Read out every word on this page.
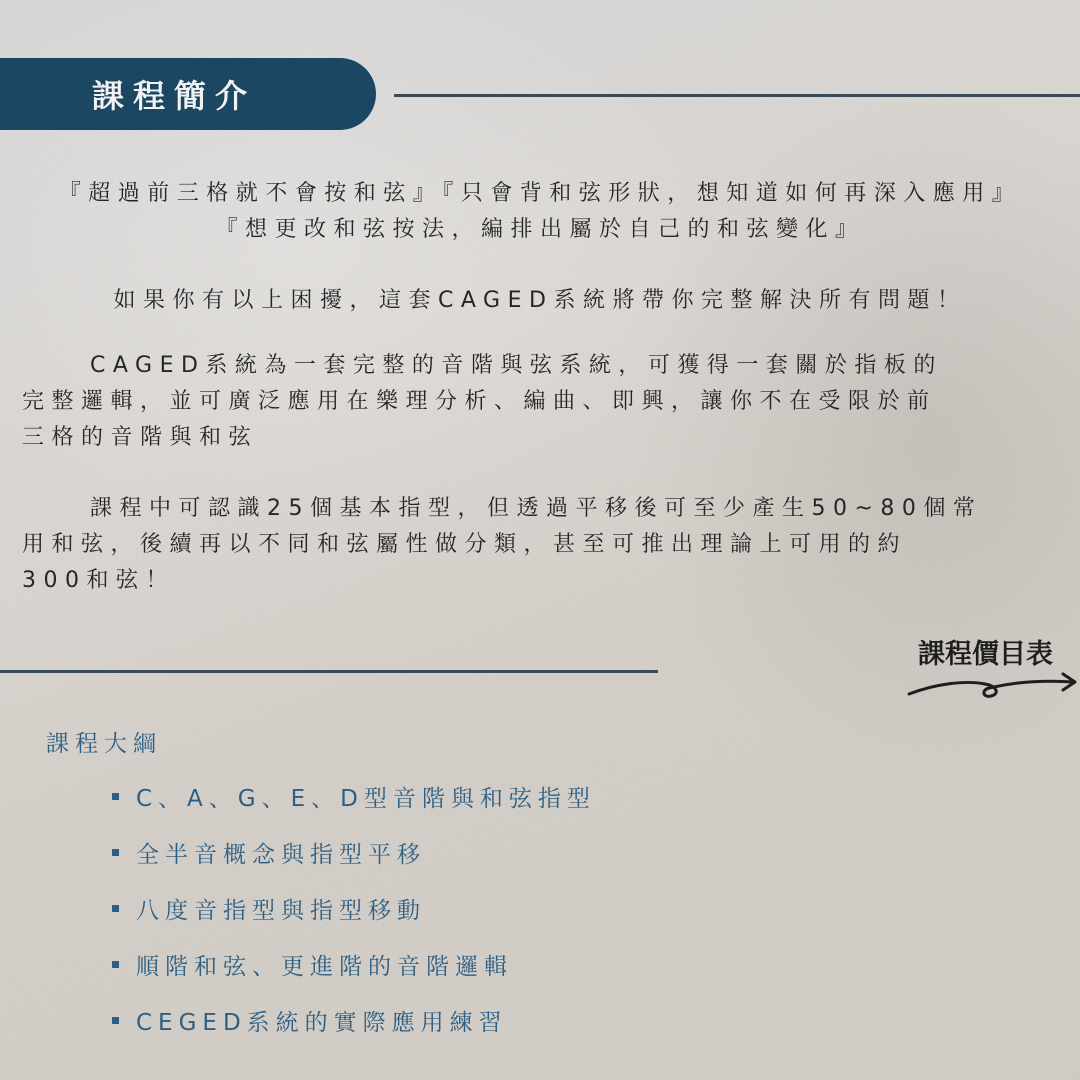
課程簡介
『超過前三格就不會按和弦』『只會背和弦形狀，想知道如何再深入應用』
『想更改和弦按法，編排出屬於自己的和弦變化』
如果你有以上困擾，這套CAGED系統將帶你完整解決所有問題！
CAGED系統為一套完整的音階與弦系統，可獲得一套關於指板的
完整邏輯，並可廣泛應用在樂理分析、編曲、即興，讓你不在受限於前
三格的音階與和弦
課程中可認識25個基本指型，但透過平移後可至少產生50~80個常
用和弦，後續再以不同和弦屬性做分類，甚至可推出理論上可用的約
300和弦！
課程價目表
課程大綱
C、A、G、E、D型音階與和弦指型
全半音概念與指型平移
八度音指型與指型移動
順階和弦、更進階的音階邏輯
CEGED系統的實際應用練習
